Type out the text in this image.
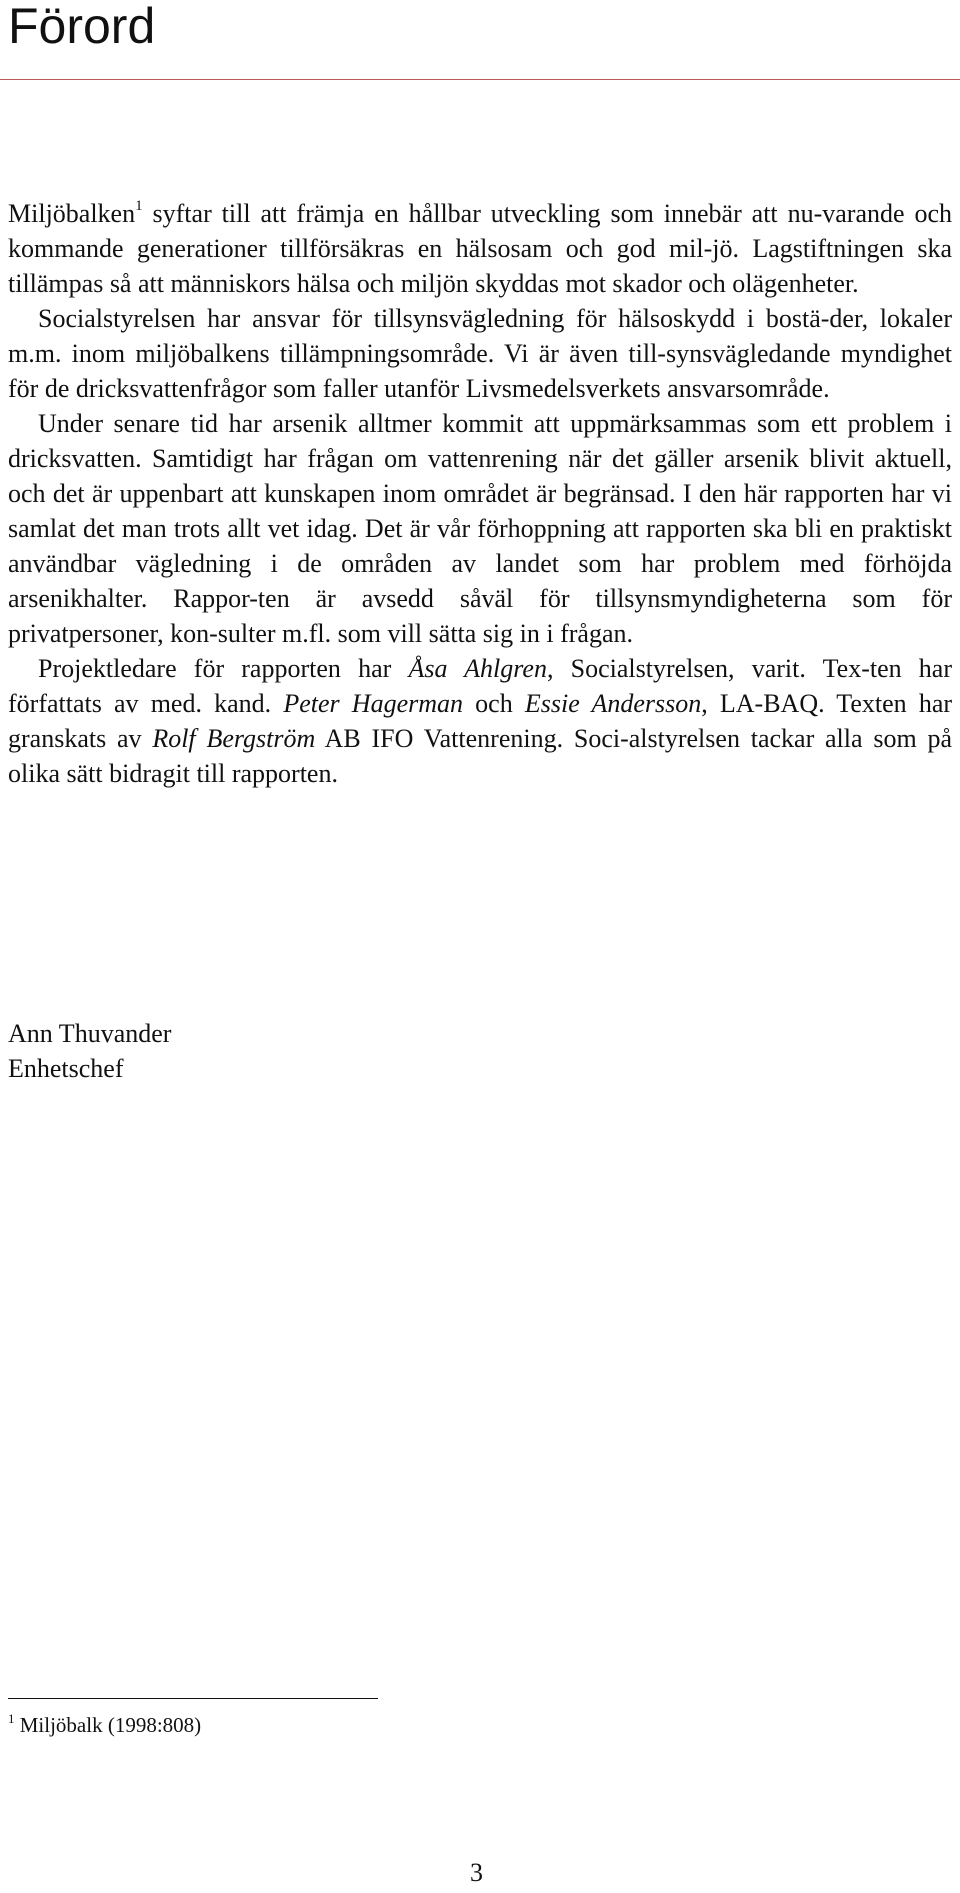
Förord

Miljöbalken$^1$ syftar till att främja en hållbar utveckling som innebär att nu-varande och kommande generationer tillförsäkras en hälsosam och god mil-jö. Lagstiftningen ska tillämpas så att människors hälsa och miljön skyddas mot skador och olägenheter.

Socialstyrelsen har ansvar för tillsynsvägledning för hälsoskydd i bostä-der, lokaler m.m. inom miljöbalkens tillämpningsområde. Vi är även till-synsvägledande myndighet för de dricksvattenfrågor som faller utanför Livsmedelsverkets ansvarsområde.

Under senare tid har arsenik alltmer kommit att uppmärksammas som ett problem i dricksvatten. Samtidigt har frågan om vattenrening när det gäller arsenik blivit aktuell, och det är uppenbart att kunskapen inom området är begränsad. I den här rapporten har vi samlat det man trots allt vet idag. Det är vår förhoppning att rapporten ska bli en praktiskt användbar vägledning i de områden av landet som har problem med förhöjda arsenikhalter. Rappor-ten är avsedd såväl för tillsynsmyndigheterna som för privatpersoner, kon-sulter m.fl. som vill sätta sig in i frågan.

Projektledare för rapporten har Åsa Ahlgren, Socialstyrelsen, varit. Tex-ten har författats av med. kand. Peter Hagerman och Essie Andersson, LA-BAQ. Texten har granskats av Rolf Bergström AB IFO Vattenrening. Soci-alstyrelsen tackar alla som på olika sätt bidragit till rapporten.

Ann Thuvander
Enhetschef
$^1$ Miljöbalk (1998:808)
3
